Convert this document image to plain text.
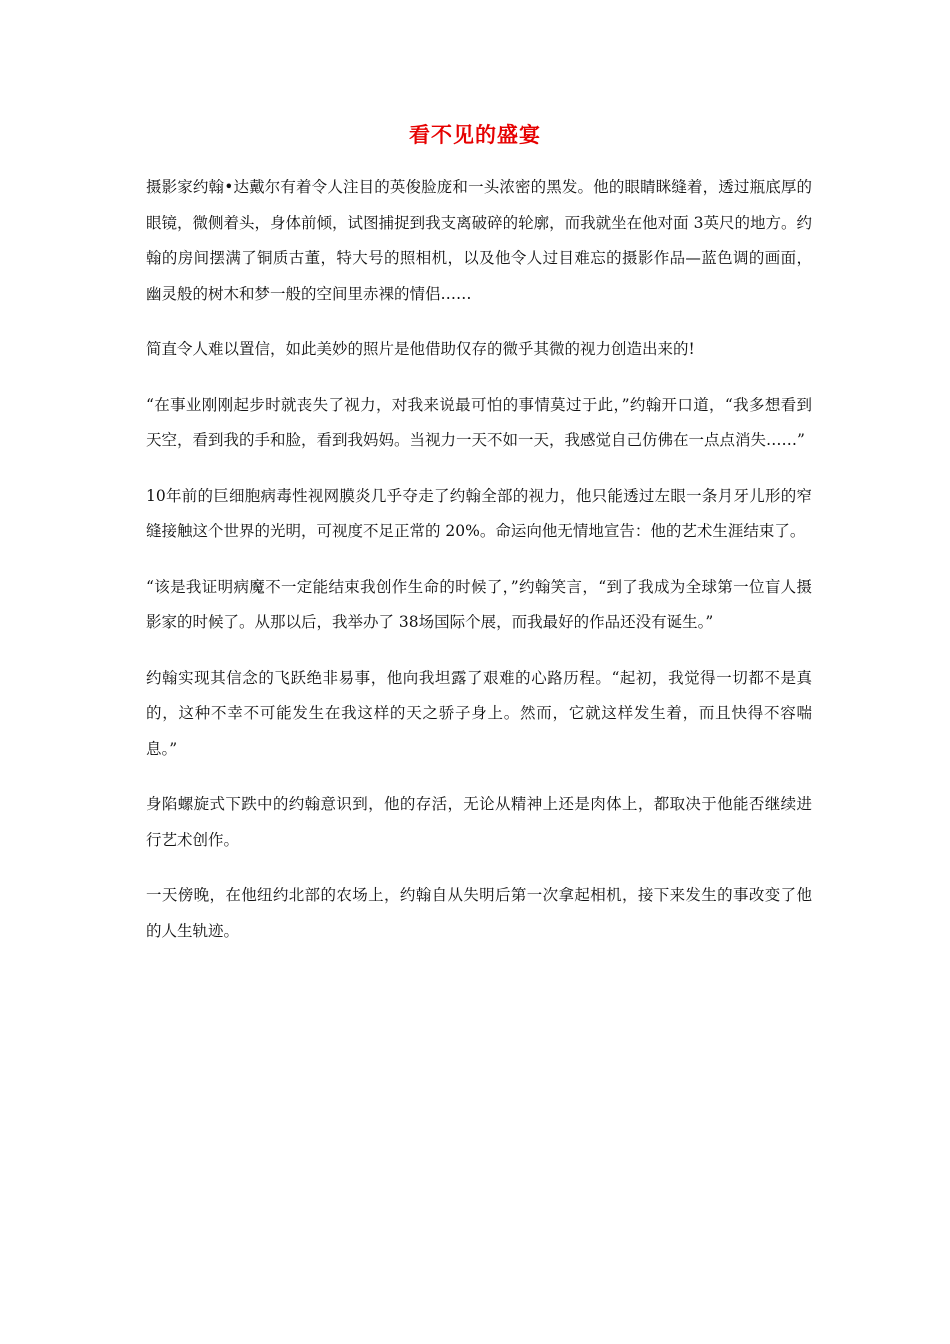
看不见的盛宴

摄影家约翰•达戴尔有着令人注目的英俊脸庞和一头浓密的黑发。他的眼睛眯缝着，透过瓶底厚的眼镜，微侧着头，身体前倾，试图捕捉到我支离破碎的轮廓，而我就坐在他对面 3英尺的地方。约翰的房间摆满了铜质古董，特大号的照相机，以及他令人过目难忘的摄影作品—蓝色调的画面，幽灵般的树木和梦一般的空间里赤裸的情侣……

简直令人难以置信，如此美妙的照片是他借助仅存的微乎其微的视力创造出来的!

“在事业刚刚起步时就丧失了视力，对我来说最可怕的事情莫过于此，”约翰开口道，“我多想看到天空，看到我的手和脸，看到我妈妈。当视力一天不如一天，我感觉自己仿佛在一点点消失……”

10年前的巨细胞病毒性视网膜炎几乎夺走了约翰全部的视力，他只能透过左眼一条月牙儿形的窄缝接触这个世界的光明，可视度不足正常的 20%。命运向他无情地宣告：他的艺术生涯结束了。

“该是我证明病魔不一定能结束我创作生命的时候了，”约翰笑言，“到了我成为全球第一位盲人摄影家的时候了。从那以后，我举办了 38场国际个展，而我最好的作品还没有诞生。”

约翰实现其信念的飞跃绝非易事，他向我坦露了艰难的心路历程。“起初，我觉得一切都不是真的，这种不幸不可能发生在我这样的天之骄子身上。然而，它就这样发生着，而且快得不容喘息。”

身陷螺旋式下跌中的约翰意识到，他的存活，无论从精神上还是肉体上，都取决于他能否继续进行艺术创作。

一天傍晚，在他纽约北部的农场上，约翰自从失明后第一次拿起相机，接下来发生的事改变了他的人生轨迹。
